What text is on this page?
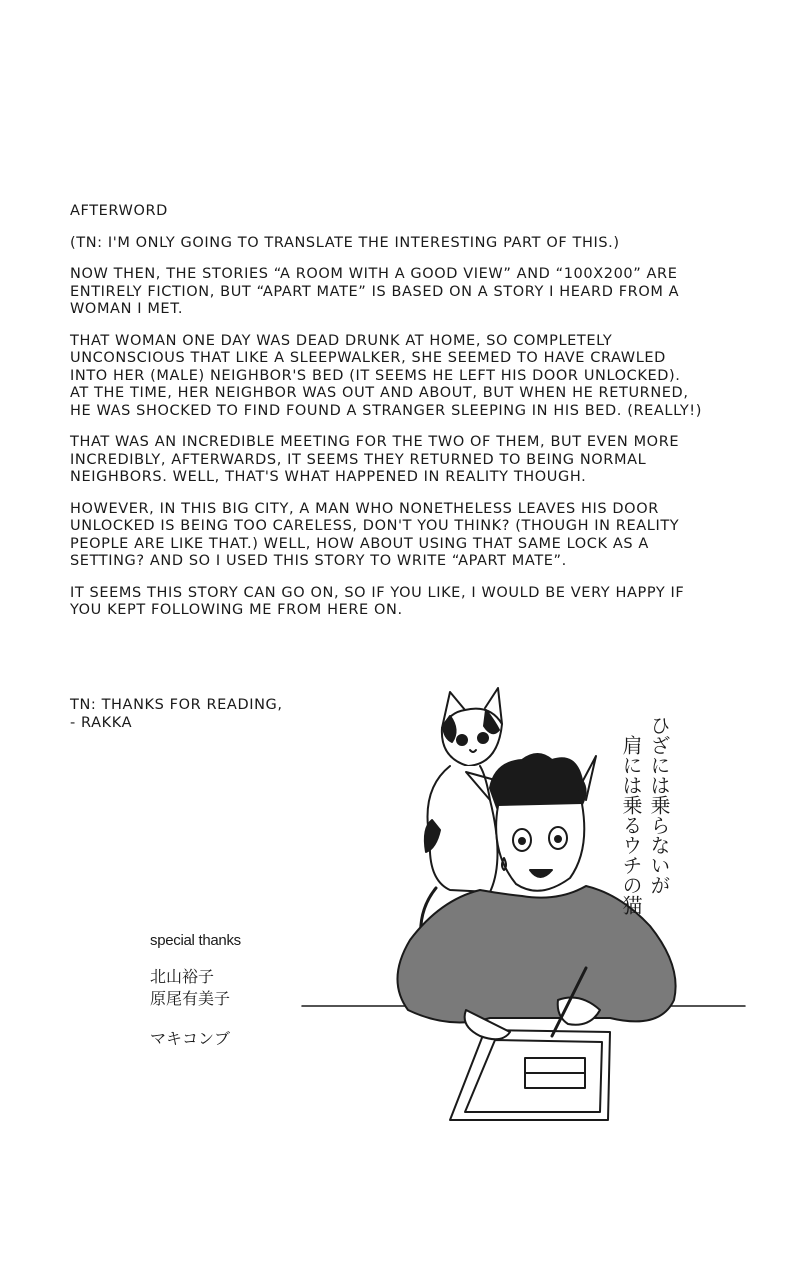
AFTERWORD

(TN: I'M ONLY GOING TO TRANSLATE THE INTERESTING PART OF THIS.)

NOW THEN, THE STORIES “A ROOM WITH A GOOD VIEW” AND “100X200” ARE
ENTIRELY FICTION, BUT “APART MATE” IS BASED ON A STORY I HEARD FROM A
WOMAN I MET.

THAT WOMAN ONE DAY WAS DEAD DRUNK AT HOME, SO COMPLETELY
UNCONSCIOUS THAT LIKE A SLEEPWALKER, SHE SEEMED TO HAVE CRAWLED
INTO HER (MALE) NEIGHBOR'S BED (IT SEEMS HE LEFT HIS DOOR UNLOCKED).
AT THE TIME, HER NEIGHBOR WAS OUT AND ABOUT, BUT WHEN HE RETURNED,
HE WAS SHOCKED TO FIND FOUND A STRANGER SLEEPING IN HIS BED. (REALLY!)

THAT WAS AN INCREDIBLE MEETING FOR THE TWO OF THEM, BUT EVEN MORE
INCREDIBLY, AFTERWARDS, IT SEEMS THEY RETURNED TO BEING NORMAL
NEIGHBORS. WELL, THAT'S WHAT HAPPENED IN REALITY THOUGH.

HOWEVER, IN THIS BIG CITY, A MAN WHO NONETHELESS LEAVES HIS DOOR
UNLOCKED IS BEING TOO CARELESS, DON'T YOU THINK? (THOUGH IN REALITY
PEOPLE ARE LIKE THAT.) WELL, HOW ABOUT USING THAT SAME LOCK AS A
SETTING? AND SO I USED THIS STORY TO WRITE “APART MATE”.

IT SEEMS THIS STORY CAN GO ON, SO IF YOU LIKE, I WOULD BE VERY HAPPY IF
YOU KEPT FOLLOWING ME FROM HERE ON.

TN: THANKS FOR READING,
- RAKKA
special thanks
北山裕子
原尾有美子
マキコンブ
ひざには乗らないが
肩には乗るウチの猫
